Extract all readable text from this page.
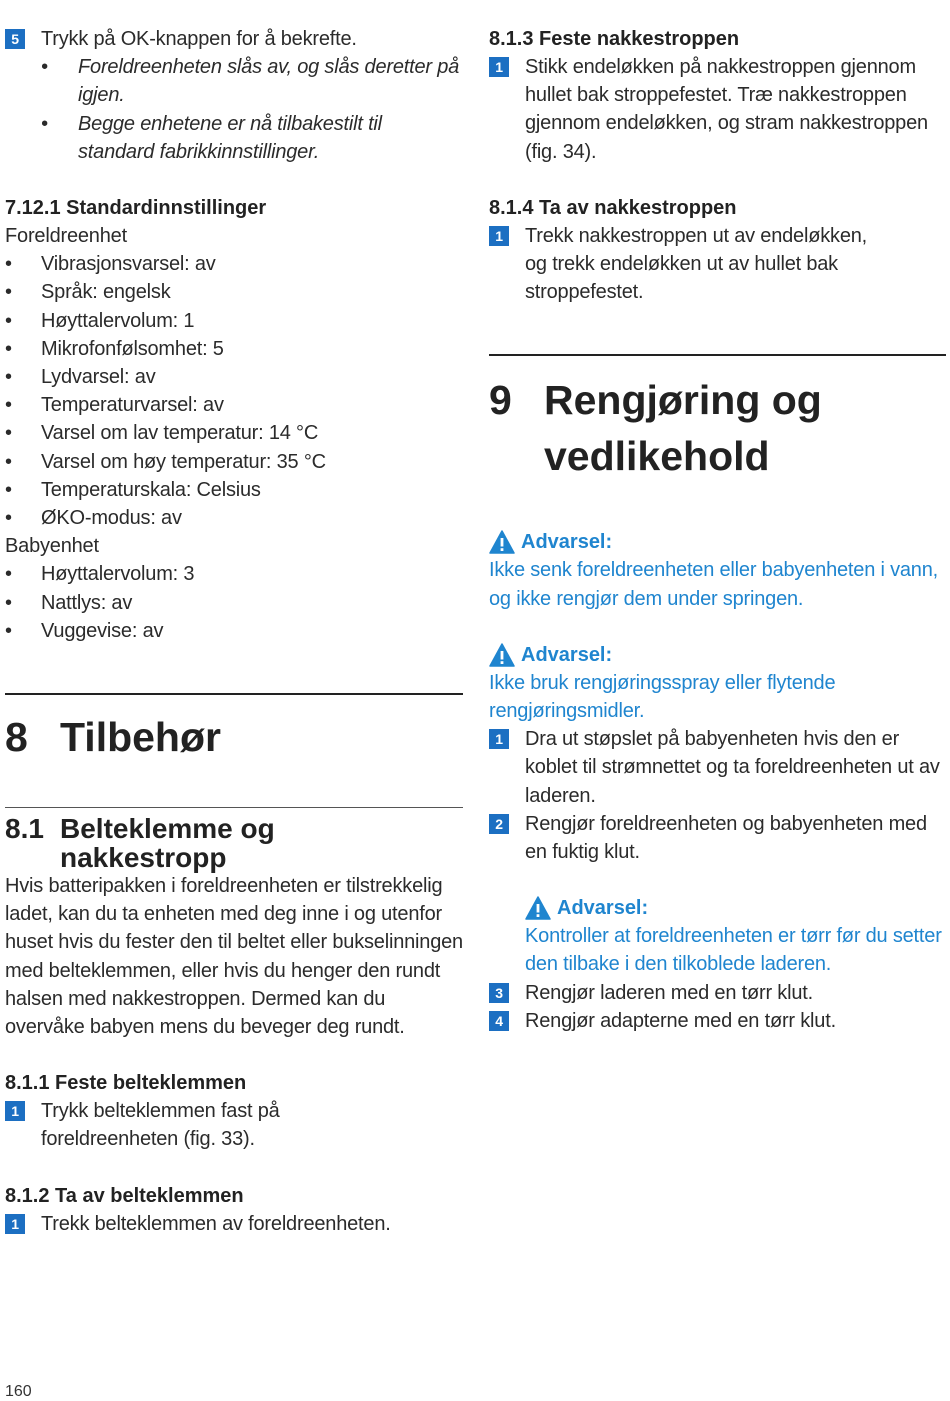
5	Trykk på OK-knappen for å bekrefte.
•	Foreldreenheten slås av, og slås deretter på igjen.
•	Begge enhetene er nå tilbakestilt til standard fabrikkinnstillinger.
7.12.1 Standardinnstillinger
Foreldreenhet
•	Vibrasjonsvarsel: av
•	Språk: engelsk
•	Høyttalervolum: 1
•	Mikrofonfølsomhet: 5
•	Lydvarsel: av
•	Temperaturvarsel: av
•	Varsel om lav temperatur: 14 °C
•	Varsel om høy temperatur: 35 °C
•	Temperaturskala: Celsius
•	ØKO-modus: av
Babyenhet
•	Høyttalervolum: 3
•	Nattlys: av
•	Vuggevise: av
8 Tilbehør
8.1 Belteklemme og
nakkestropp
Hvis batteripakken i foreldreenheten er tilstrekkelig ladet, kan du ta enheten med deg inne i og utenfor huset hvis du fester den til beltet eller bukselinningen med belteklemmen, eller hvis du henger den rundt halsen med nakkestroppen. Dermed kan du overvåke babyen mens du beveger deg rundt.
8.1.1 Feste belteklemmen
1	Trykk belteklemmen fast på foreldreenheten (fig. 33).
8.1.2 Ta av belteklemmen
1	Trekk belteklemmen av foreldreenheten.
8.1.3 Feste nakkestroppen
1	Stikk endeløkken på nakkestroppen gjennom hullet bak stroppefestet. Træ nakkestroppen gjennom endeløkken, og stram nakkestroppen (fig. 34).
8.1.4 Ta av nakkestroppen
1	Trekk nakkestroppen ut av endeløkken, og trekk endeløkken ut av hullet bak stroppefestet.
9 Rengjøring og
vedlikehold
Advarsel:
Ikke senk foreldreenheten eller babyenheten i vann, og ikke rengjør dem under springen.
Advarsel:
Ikke bruk rengjøringsspray eller flytende rengjøringsmidler.
1	Dra ut støpslet på babyenheten hvis den er koblet til strømnettet og ta foreldreenheten ut av laderen.
2	Rengjør foreldreenheten og babyenheten med en fuktig klut.
Advarsel:
Kontroller at foreldreenheten er tørr før du setter den tilbake i den tilkoblede laderen.
3	Rengjør laderen med en tørr klut.
4	Rengjør adapterne med en tørr klut.
160
